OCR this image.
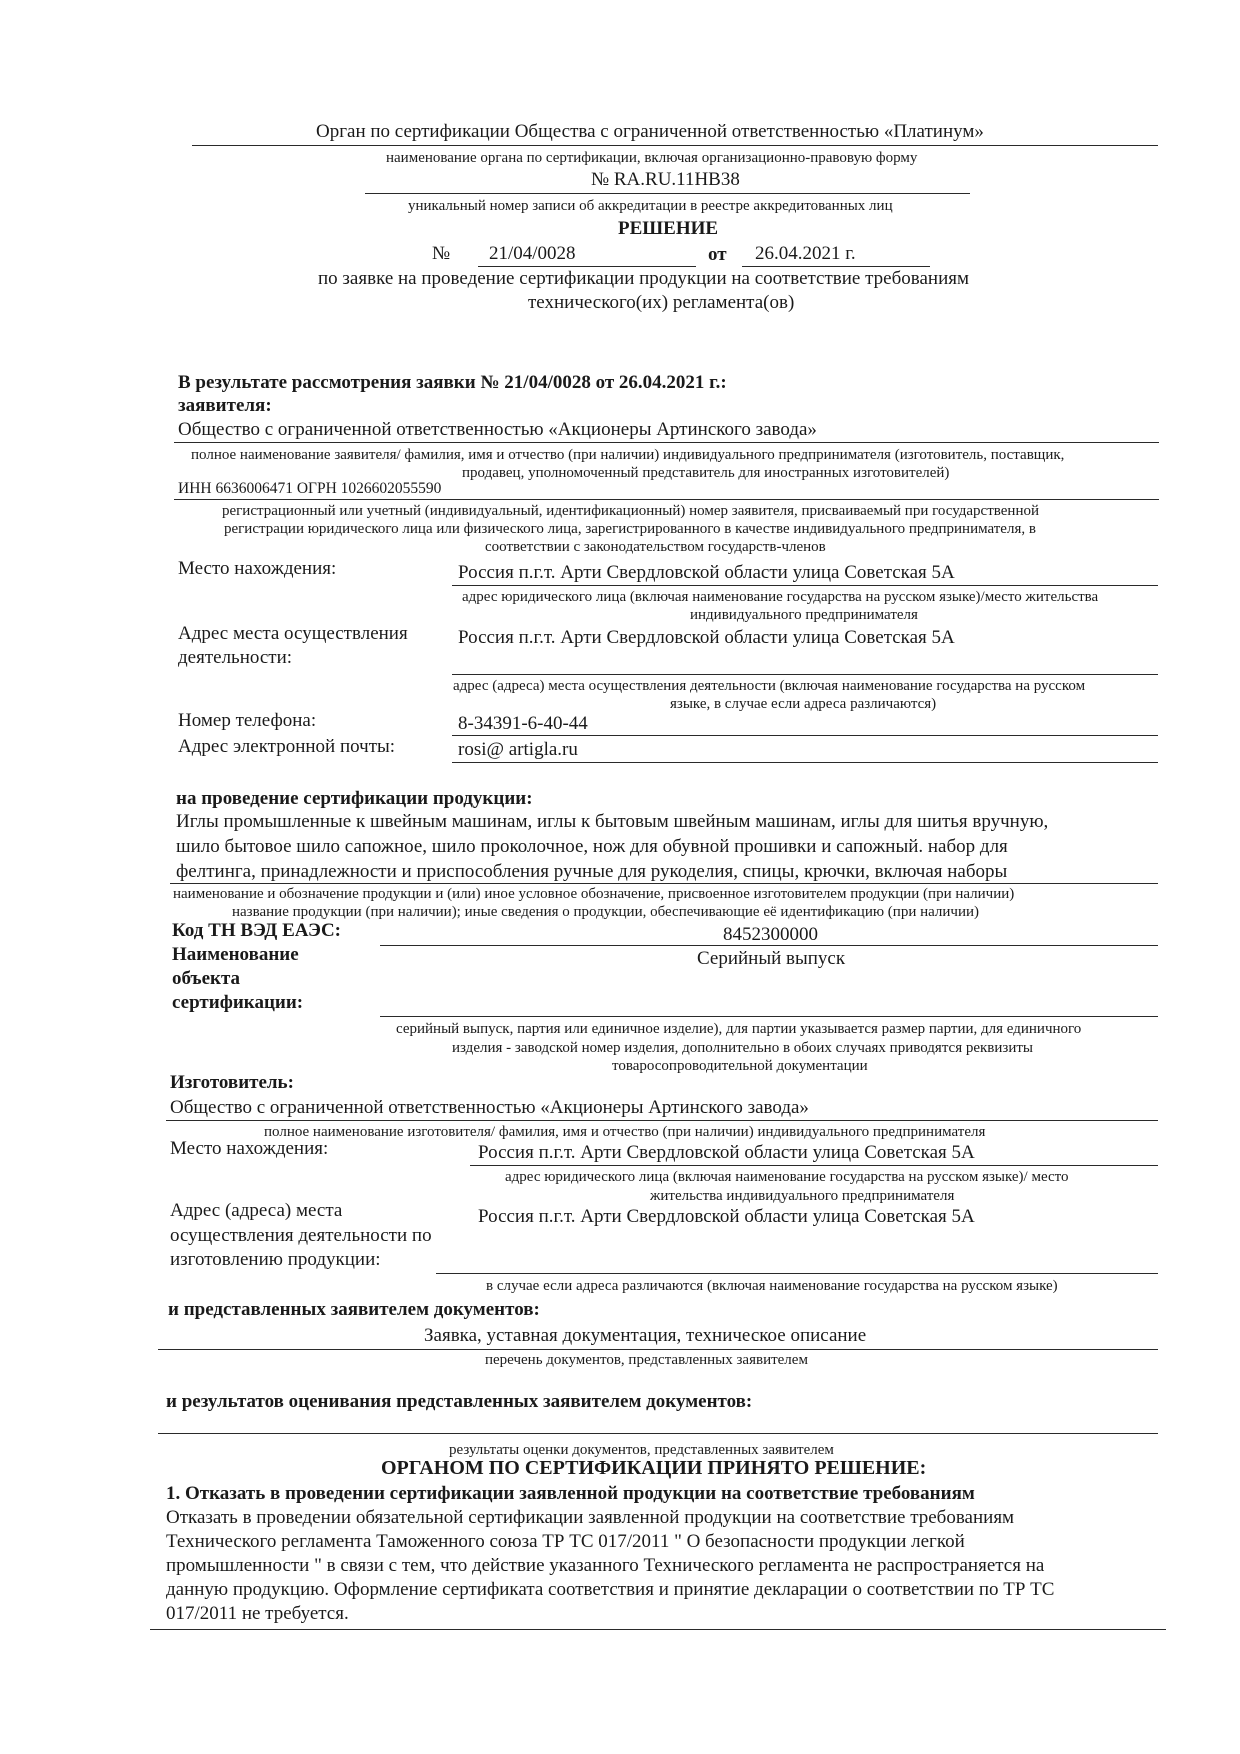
Орган по сертификации Общества с ограниченной ответственностью «Платинум»
наименование органа по сертификации, включая организационно-правовую форму
№ RA.RU.11НВ38
уникальный номер записи об аккредитации в реестре аккредитованных лиц
РЕШЕНИЕ
№ 21/04/0028	от 26.04.2021 г.
по заявке на проведение сертификации продукции на соответствие требованиям
технического(их) регламента(ов)
В результате рассмотрения заявки № 21/04/0028 от 26.04.2021 г.:
заявителя:
Общество с ограниченной ответственностью «Акционеры Артинского завода»
полное наименование заявителя/ фамилия, имя и отчество (при наличии) индивидуального предпринимателя (изготовитель, поставщик,
продавец, уполномоченный представитель для иностранных изготовителей)
ИНН 6636006471 ОГРН 1026602055590
регистрационный или учетный (индивидуальный, идентификационный) номер заявителя, присваиваемый при государственной
регистрации юридического лица или физического лица, зарегистрированного в качестве индивидуального предпринимателя, в
соответствии с законодательством государств-членов
Место нахождения:	Россия п.г.т. Арти Свердловской области улица Советская 5А
адрес юридического лица (включая наименование государства на русском языке)/место жительства
индивидуального предпринимателя
Адрес места осуществления
деятельности:
Россия п.г.т. Арти Свердловской области улица Советская 5А
адрес (адреса) места осуществления деятельности (включая наименование государства на русском
языке, в случае если адреса различаются)
Номер телефона:	8-34391-6-40-44
Адрес электронной почты:	rosi@ artigla.ru
на проведение сертификации продукции:
Иглы промышленные к швейным машинам, иглы к бытовым швейным машинам, иглы для шитья вручную,
шило бытовое шило сапожное, шило проколочное, нож для обувной прошивки и сапожный. набор для
фелтинга, принадлежности и приспособления ручные для рукоделия, спицы, крючки, включая наборы
наименование и обозначение продукции и (или) иное условное обозначение, присвоенное изготовителем продукции (при наличии)
название продукции (при наличии); иные сведения о продукции, обеспечивающие её идентификацию (при наличии)
Код ТН ВЭД ЕАЭС:	8452300000
Наименование
объекта
сертификации:
Серийный выпуск
серийный выпуск, партия или единичное изделие), для партии указывается размер партии, для единичного
изделия - заводской номер изделия, дополнительно в обоих случаях приводятся реквизиты
товаросопроводительной документации
Изготовитель:
Общество с ограниченной ответственностью «Акционеры Артинского завода»
полное наименование изготовителя/ фамилия, имя и отчество (при наличии) индивидуального предпринимателя
Место нахождения:	Россия п.г.т. Арти Свердловской области улица Советская 5А
адрес юридического лица (включая наименование государства на русском языке)/ место
жительства индивидуального предпринимателя
Адрес (адреса) места
осуществления деятельности по
изготовлению продукции:
Россия п.г.т. Арти Свердловской области улица Советская 5А
в случае если адреса различаются (включая наименование государства на русском языке)
и представленных заявителем документов:
Заявка, уставная документация, техническое описание
перечень документов, представленных заявителем
и результатов оценивания представленных заявителем документов:
результаты оценки документов, представленных заявителем
ОРГАНОМ ПО СЕРТИФИКАЦИИ ПРИНЯТО РЕШЕНИЕ:
1. Отказать в проведении сертификации заявленной продукции на соответствие требованиям
Отказать в проведении обязательной сертификации заявленной продукции на соответствие требованиям
Технического регламента Таможенного союза ТР ТС 017/2011 " О безопасности продукции легкой
промышленности " в связи с тем, что действие указанного Технического регламента не распространяется на
данную продукцию. Оформление сертификата соответствия и принятие декларации о соответствии по ТР ТС
017/2011 не требуется.
